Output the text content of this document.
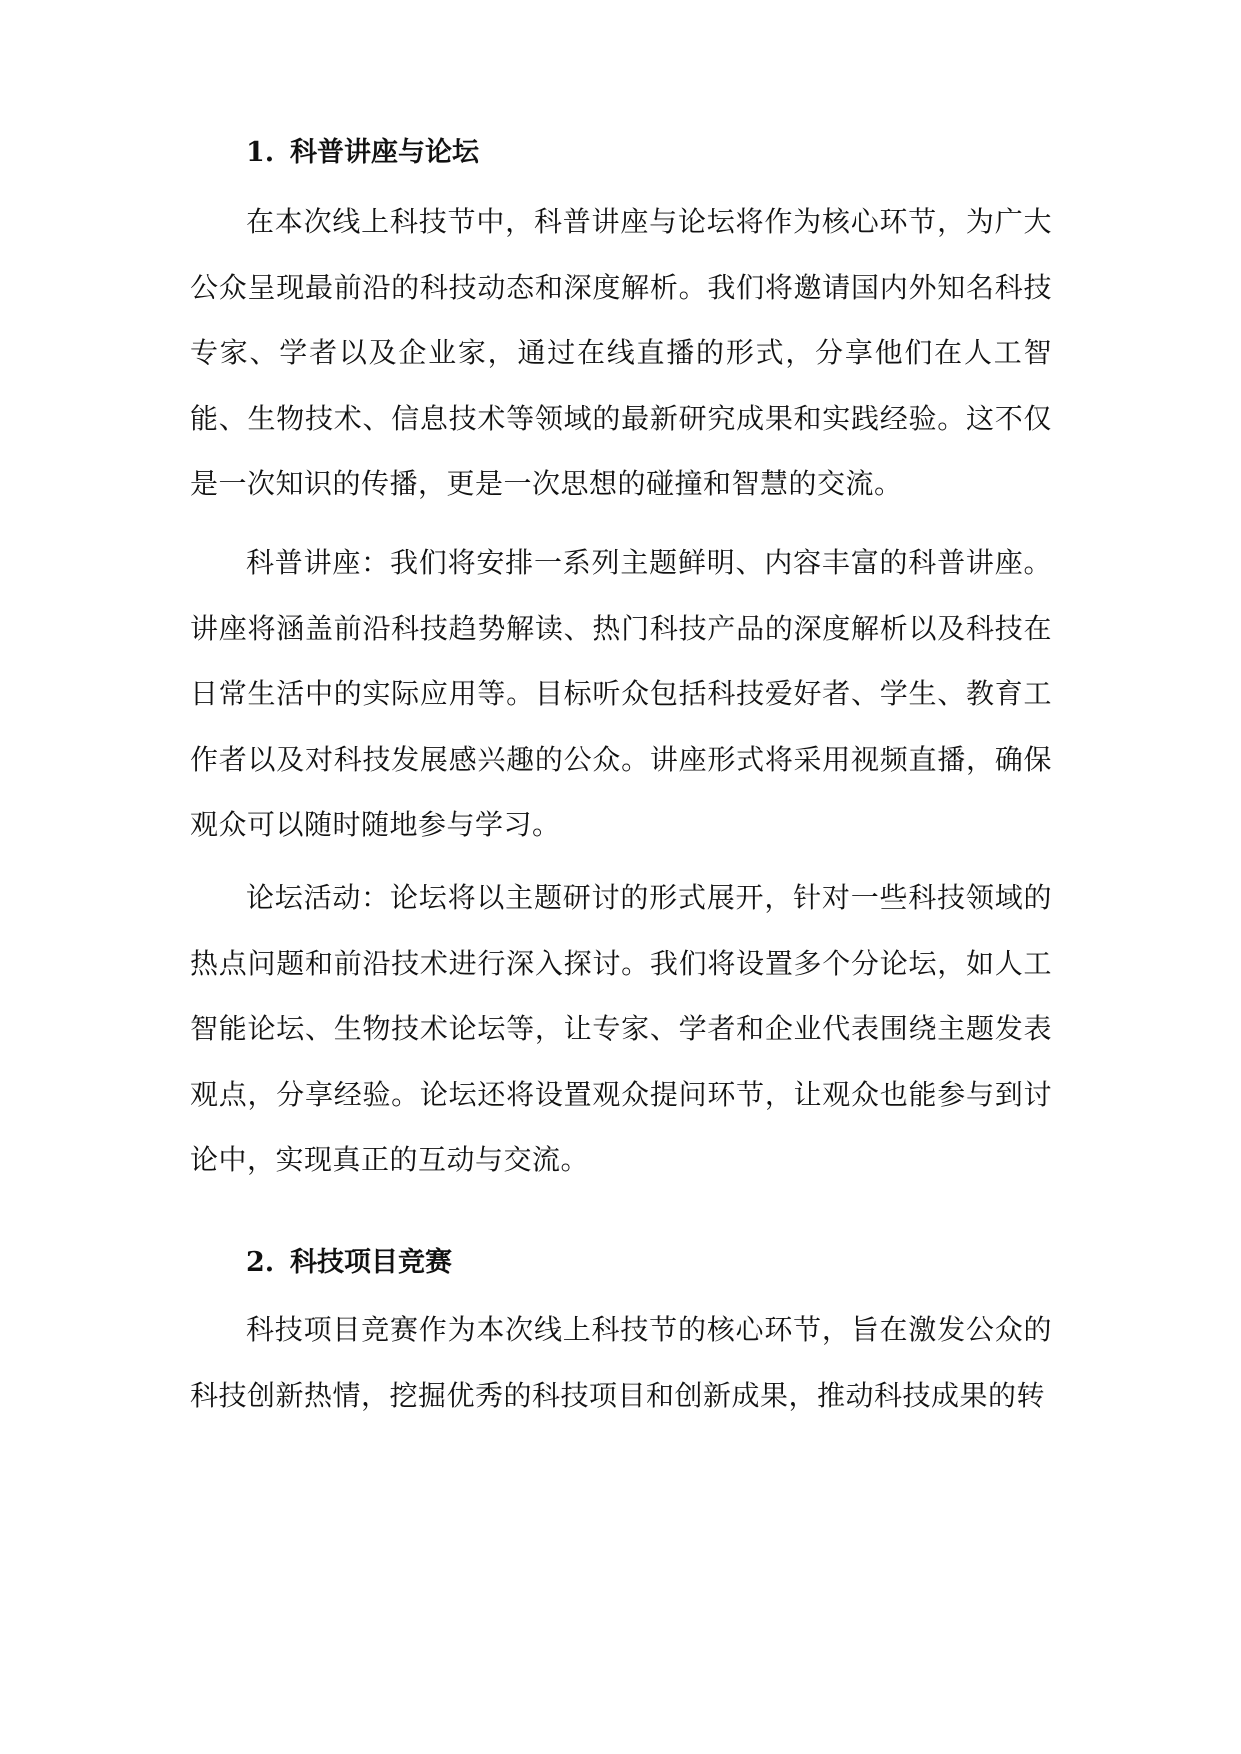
1. 科普讲座与论坛

在本次线上科技节中，科普讲座与论坛将作为核心环节，为广大公众呈现最前沿的科技动态和深度解析。我们将邀请国内外知名科技专家、学者以及企业家，通过在线直播的形式，分享他们在人工智能、生物技术、信息技术等领域的最新研究成果和实践经验。这不仅是一次知识的传播，更是一次思想的碰撞和智慧的交流。

科普讲座：我们将安排一系列主题鲜明、内容丰富的科普讲座。讲座将涵盖前沿科技趋势解读、热门科技产品的深度解析以及科技在日常生活中的实际应用等。目标听众包括科技爱好者、学生、教育工作者以及对科技发展感兴趣的公众。讲座形式将采用视频直播，确保观众可以随时随地参与学习。

论坛活动：论坛将以主题研讨的形式展开，针对一些科技领域的热点问题和前沿技术进行深入探讨。我们将设置多个分论坛，如人工智能论坛、生物技术论坛等，让专家、学者和企业代表围绕主题发表观点，分享经验。论坛还将设置观众提问环节，让观众也能参与到讨论中，实现真正的互动与交流。

2. 科技项目竞赛

科技项目竞赛作为本次线上科技节的核心环节，旨在激发公众的科技创新热情，挖掘优秀的科技项目和创新成果，推动科技成果的转
